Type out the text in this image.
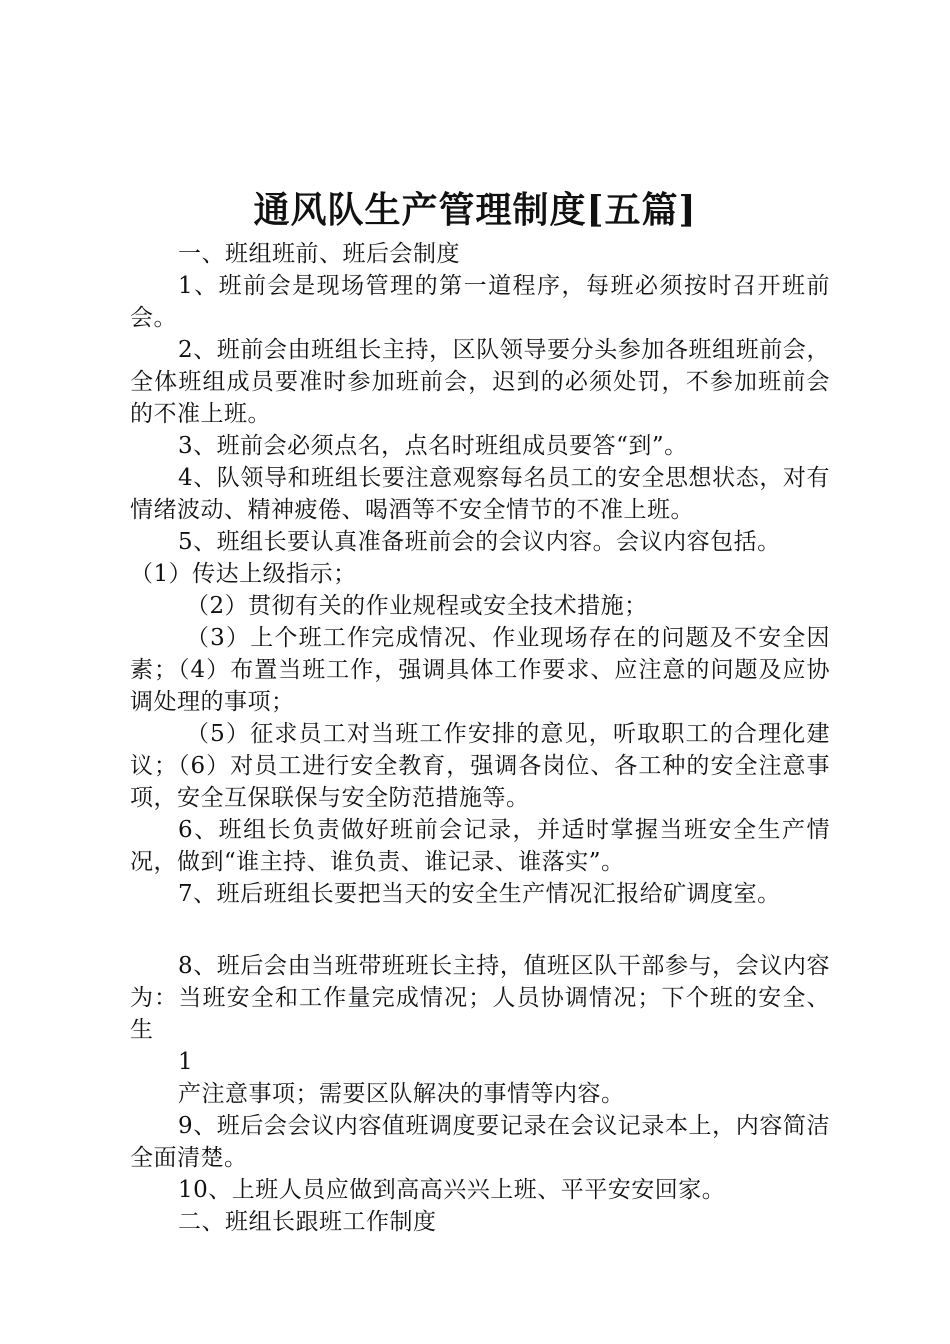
通风队生产管理制度[五篇]

一、班组班前、班后会制度

1、班前会是现场管理的第一道程序，每班必须按时召开班前会。

2、班前会由班组长主持，区队领导要分头参加各班组班前会，全体班组成员要准时参加班前会，迟到的必须处罚，不参加班前会的不准上班。

3、班前会必须点名，点名时班组成员要答“到”。

4、队领导和班组长要注意观察每名员工的安全思想状态，对有情绪波动、精神疲倦、喝酒等不安全情节的不准上班。

5、班组长要认真准备班前会的会议内容。会议内容包括。

（1）传达上级指示；

（2）贯彻有关的作业规程或安全技术措施；

（3）上个班工作完成情况、作业现场存在的问题及不安全因素；（4）布置当班工作，强调具体工作要求、应注意的问题及应协调处理的事项；

（5）征求员工对当班工作安排的意见，听取职工的合理化建议；（6）对员工进行安全教育，强调各岗位、各工种的安全注意事项，安全互保联保与安全防范措施等。

6、班组长负责做好班前会记录，并适时掌握当班安全生产情况，做到“谁主持、谁负责、谁记录、谁落实”。

7、班后班组长要把当天的安全生产情况汇报给矿调度室。

8、班后会由当班带班班长主持，值班区队干部参与，会议内容为：当班安全和工作量完成情况；人员协调情况；下个班的安全、生

1

产注意事项；需要区队解决的事情等内容。

9、班后会会议内容值班调度要记录在会议记录本上，内容简洁全面清楚。

10、上班人员应做到高高兴兴上班、平平安安回家。

二、班组长跟班工作制度
